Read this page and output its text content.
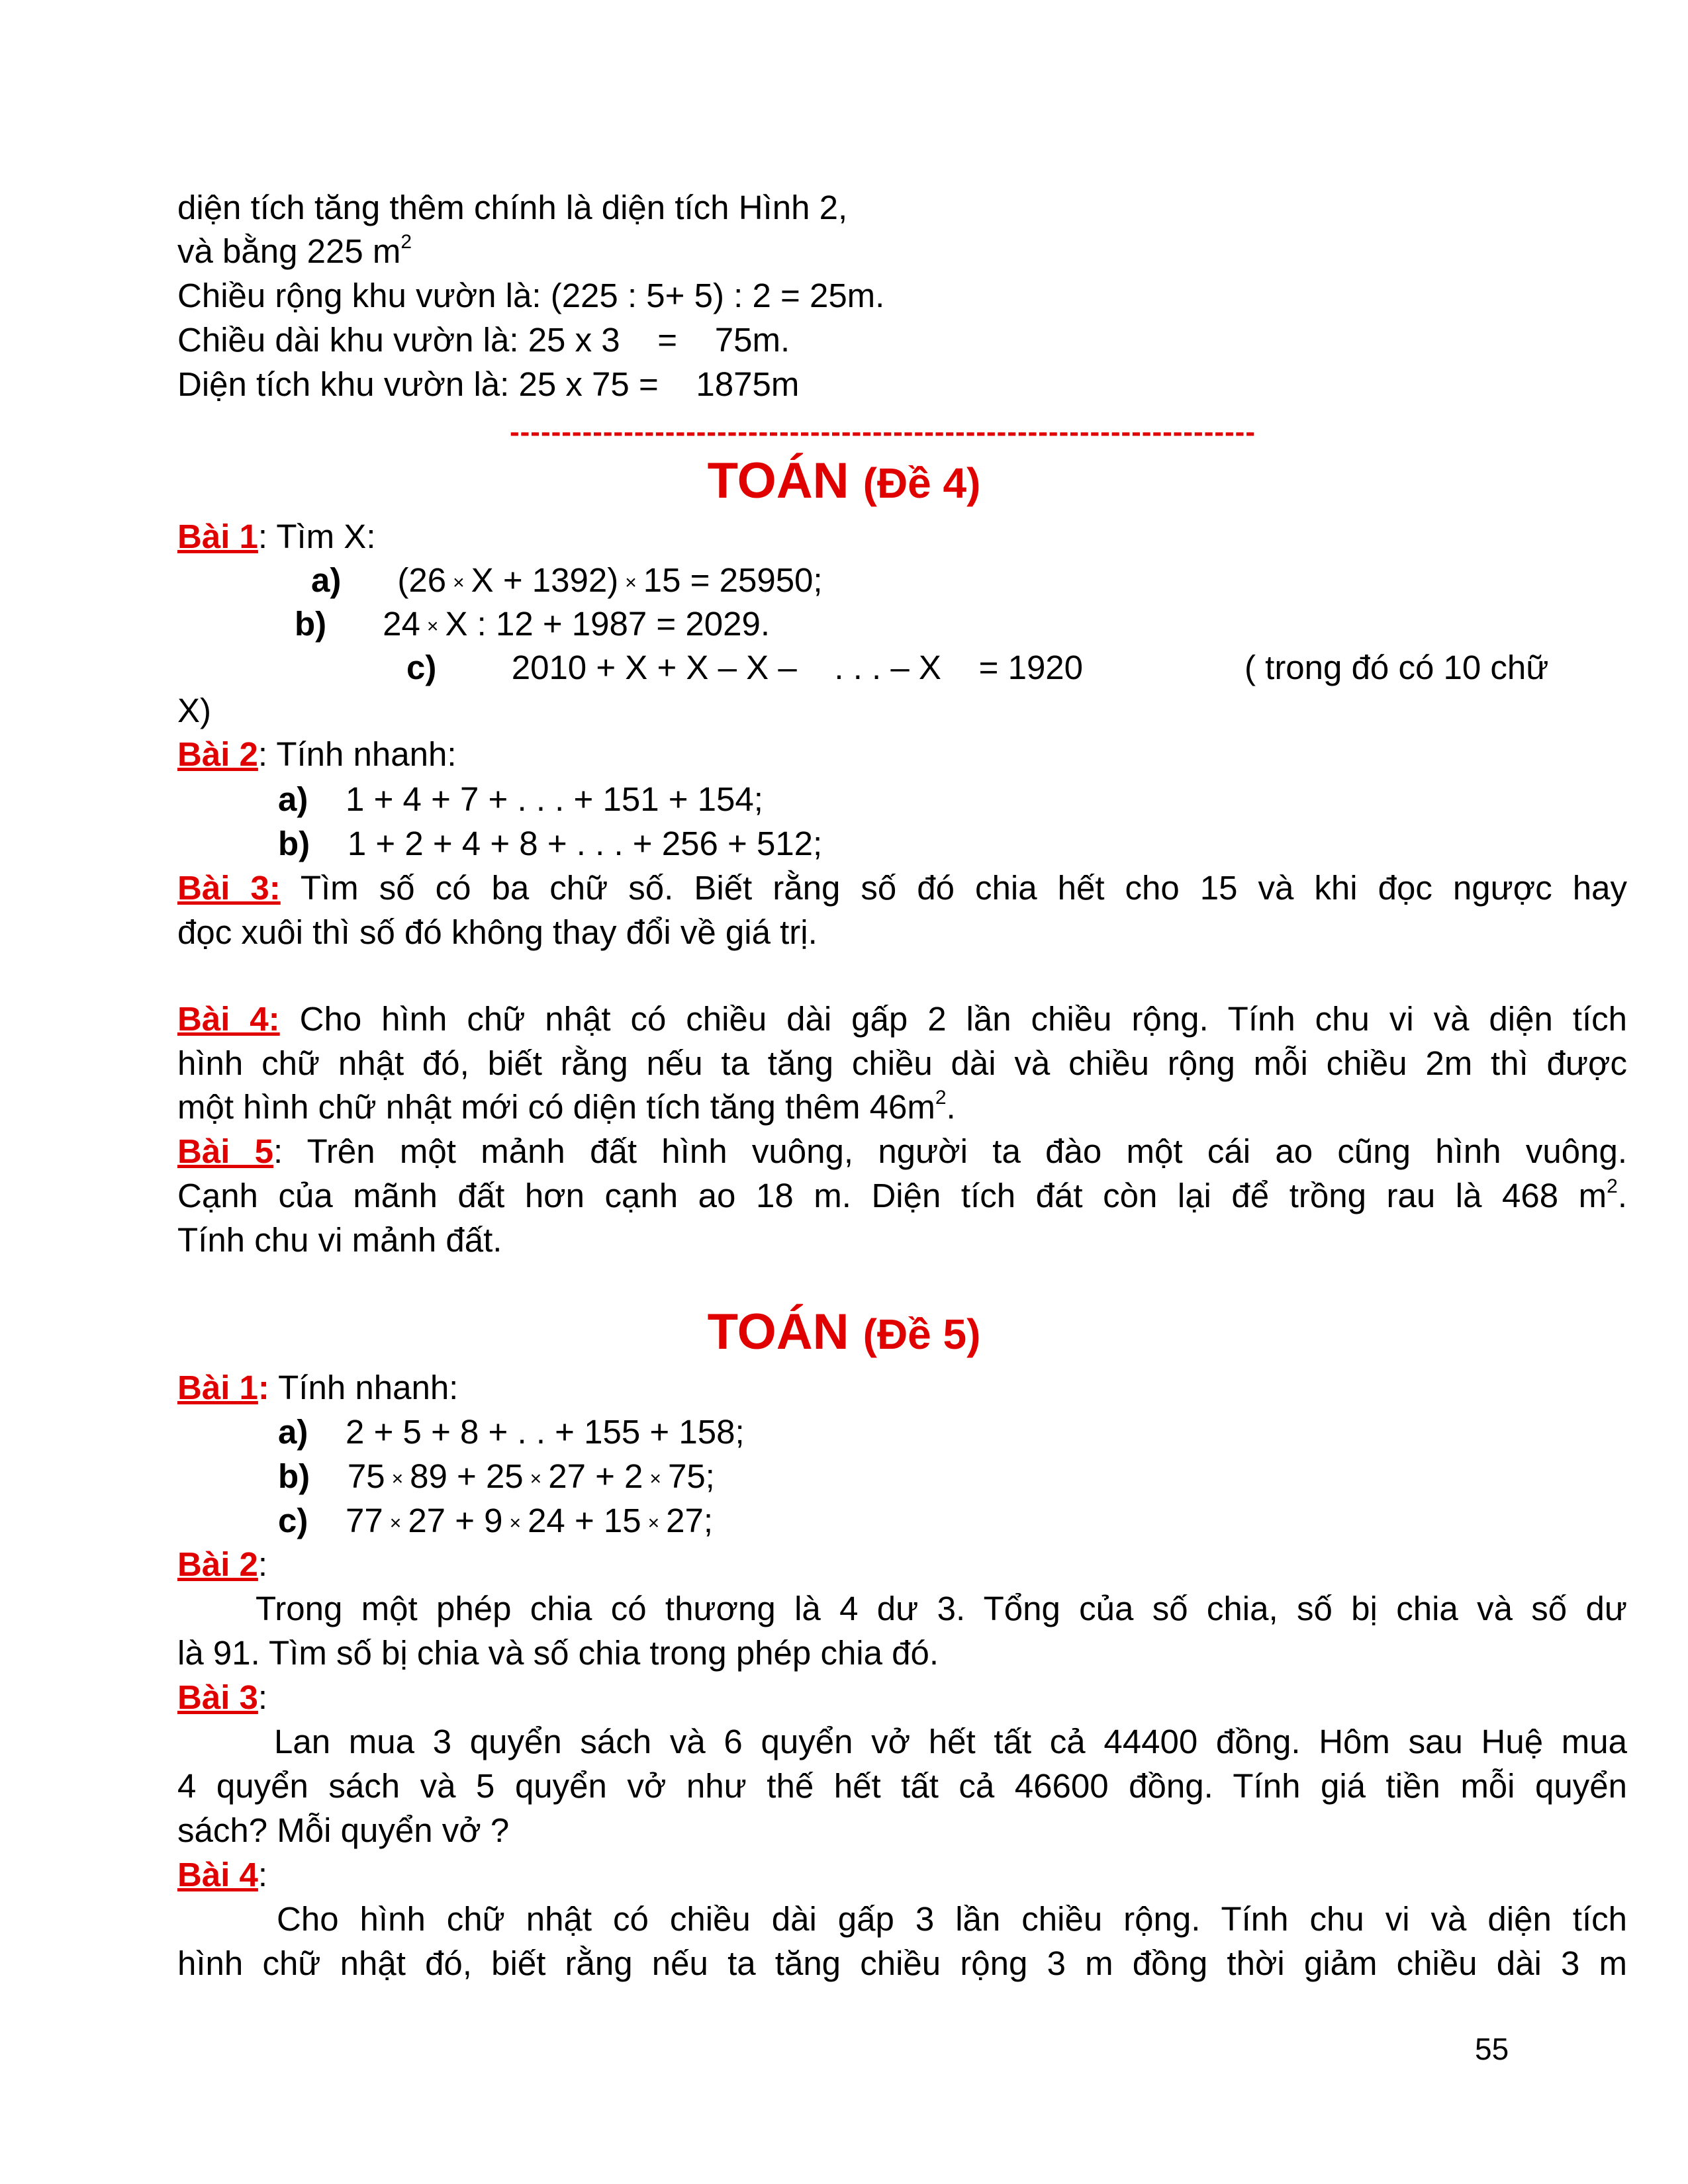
diện tích tăng thêm chính là diện tích Hình 2,
và bằng 225 $m^2$
Chiều rộng khu vườn là: (225 : 5+ 5) : 2 = 25m.
Chiều dài khu vườn là: 25 x 3    =    75m.
Diện tích khu vườn là: 25 x 75 =    1875m
------------------------------------------------------------------------
TOÁN (Đề 4)
Bài 1: Tìm X:
a) (26 × X + 1392) × 15 = 25950;
b) 24 × X : 12 + 1987 = 2029.
c) 2010 + X + X – X –    . . . – X    = 1920	( trong đó có 10 chữ
X)
Bài 2: Tính nhanh:
a) 1 + 4 + 7 + . . . + 151 + 154;
b) 1 + 2 + 4 + 8 + . . . + 256 + 512;
Bài 3: Tìm số có ba chữ số. Biết rằng số đó chia hết cho 15 và khi đọc ngược hay
đọc xuôi thì số đó không thay đổi về giá trị.
Bài 4: Cho hình chữ nhật có chiều dài gấp 2 lần chiều rộng. Tính chu vi và diện tích
hình chữ nhật đó, biết rằng nếu ta tăng chiều dài và chiều rộng mỗi chiều 2m thì được
một hình chữ nhật mới có diện tích tăng thêm $46m^2$.
Bài 5: Trên một mảnh đất hình vuông, người ta đào một cái ao cũng hình vuông.
Cạnh của mãnh đất hơn cạnh ao 18 m. Diện tích đát còn lại để trồng rau là 468 $m^2$.
Tính chu vi mảnh đất.
TOÁN (Đề 5)
Bài 1: Tính nhanh:
a) 2 + 5 + 8 + . . + 155 + 158;
b) 75 × 89 + 25 × 27 + 2 × 75;
c) 77 × 27 + 9 × 24 + 15 × 27;
Bài 2:
Trong một phép chia có thương là 4 dư 3. Tổng của số chia, số bị chia và số dư
là 91. Tìm số bị chia và số chia trong phép chia đó.
Bài 3:
Lan mua 3 quyển sách và 6 quyển vở hết tất cả 44400 đồng. Hôm sau Huệ mua
4 quyển sách và 5 quyển vở như thế hết tất cả 46600 đồng. Tính giá tiền mỗi quyển
sách? Mỗi quyển vở ?
Bài 4:
Cho hình chữ nhật có chiều dài gấp 3 lần chiều rộng. Tính chu vi và diện tích
hình chữ nhật đó, biết rằng nếu ta tăng chiều rộng 3 m đồng thời giảm chiều dài 3 m
55
